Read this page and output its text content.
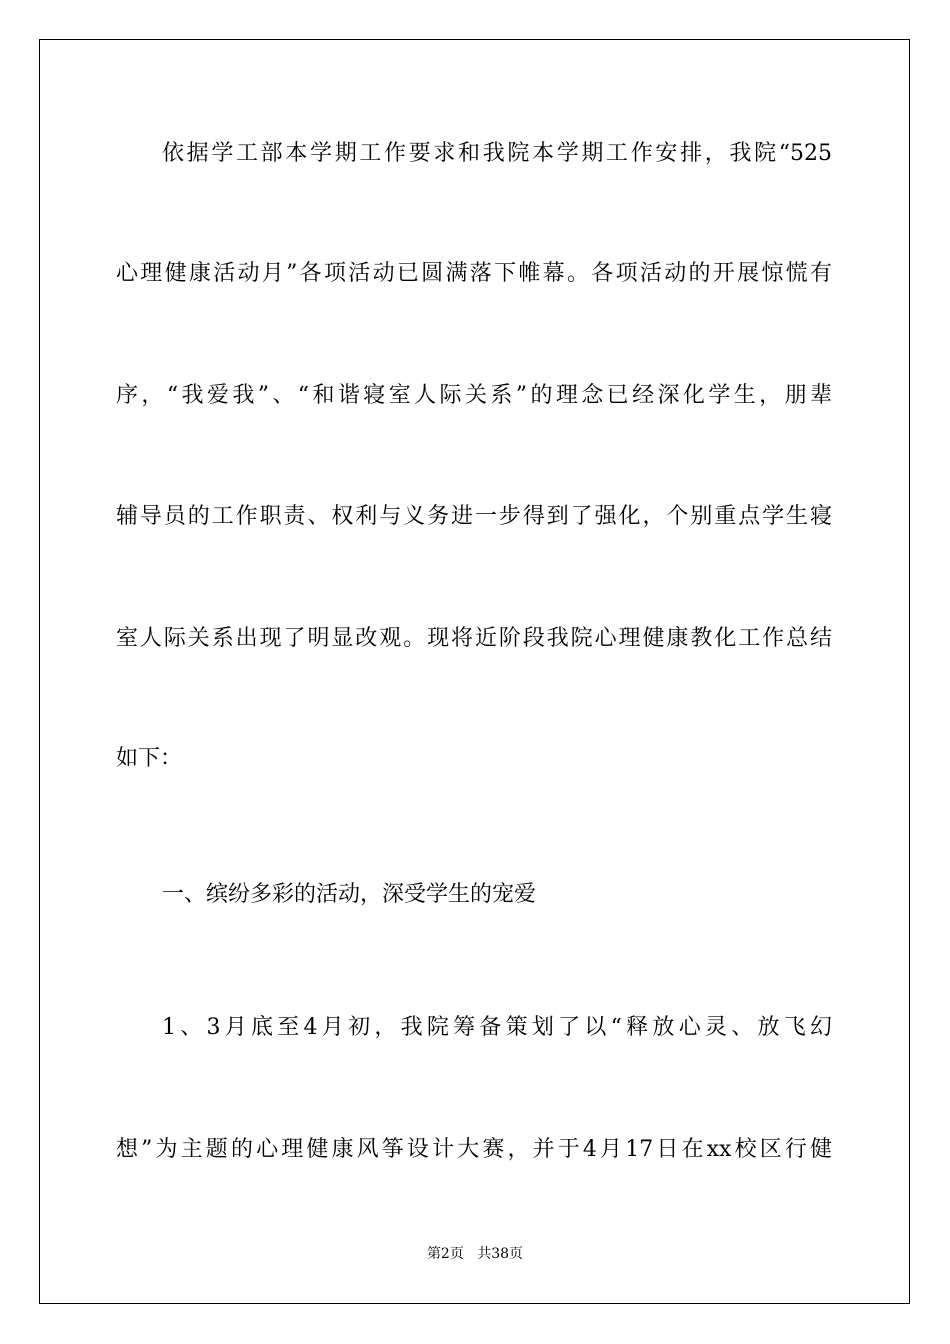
依据学工部本学期工作要求和我院本学期工作安排，我院“525
心理健康活动月”各项活动已圆满落下帷幕。各项活动的开展惊慌有
序，“我爱我”、“和谐寝室人际关系”的理念已经深化学生，朋辈
辅导员的工作职责、权利与义务进一步得到了强化，个别重点学生寝
室人际关系出现了明显改观。现将近阶段我院心理健康教化工作总结
如下：
一、缤纷多彩的活动，深受学生的宠爱
1、3月底至4月初，我院筹备策划了以“释放心灵、放飞幻
想”为主题的心理健康风筝设计大赛，并于4月17日在xx校区行健
第2页 共38页
